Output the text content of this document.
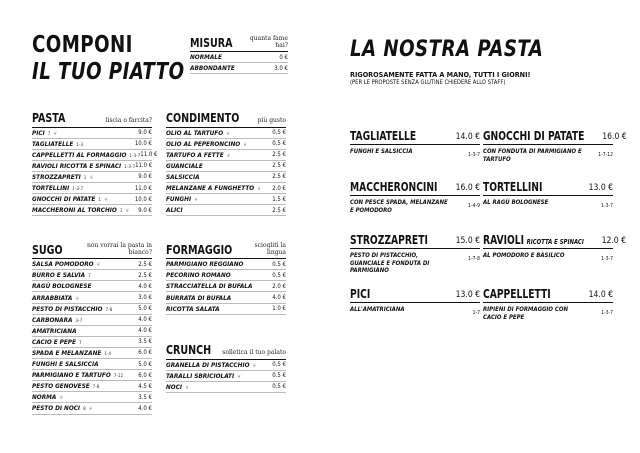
COMPONI
IL TUO PIATTO
MISURA	quanta fame hai?
NORMALE	0 €
ABBONDANTE	3.0 €
PASTA	liscia o farcita?
PICI 7 ❦	9.0 €
TAGLIATELLE 1-3	10.0 €
CAPPELLETTI AL FORMAGGIO 1-3-7 11.0 €
RAVIOLI RICOTTA E SPINACI 1-3-7 11.0 €
STROZZAPRETI 1 ❦	9.0 €
TORTELLINI 1-3-7	11.0 €
GNOCCHI DI PATATE 1 ❦	10.0 €
MACCHERONI AL TORCHIO 1 ❦ 9.0 €
CONDIMENTO	più gusto
OLIO AL TARTUFO ❦	0.5 €
OLIO AL PEPERONCINO ❦	0.5 €
TARTUFO A FETTE ❦	2.5 €
GUANCIALE	2.5 €
SALSICCIA	2.5 €
MELANZANE A FUNGHETTO ❦ 2.0 €
FUNGHI ❦	1.5 €
ALICI	2.5 €
SUGO	non vorrai la pasta in bianco?
SALSA POMODORO ❦	2.5 €
BURRO E SALVIA 7	2.5 €
RAGÙ BOLOGNESE	4.0 €
ARRABBIATA ❦	3.0 €
PESTO DI PISTACCHIO 7-8	5.0 €
CARBONARA 3-7	4.0 €
AMATRICIANA	4.0 €
CACIO E PEPE 7	3.5 €
SPADA E MELANZANE 1-4	6.0 €
FUNGHI E SALSICCIA	5.0 €
PARMIGIANO E TARTUFO 7-12	6.0 €
PESTO GENOVESE 7-8	4.5 €
NORMA ❦	3.5 €
PESTO DI NOCI 8 ❦	4.0 €
FORMAGGIO	scioglitì la lingua
PARMIGIANO REGGIANO	0.5 €
PECORINO ROMANO	0.5 €
STRACCIATELLA DI BUFALA	2.0 €
BURRATA DI BUFALA	4.0 €
RICOTTA SALATA	1.0 €
CRUNCH solletica il tuo palato
GRANELLA DI PISTACCHIO ❦	0.5 €
TARALLI SBRICIOLATI ❦	0.5 €
NOCI ❦	0.5 €
LA NOSTRA PASTA
RIGOROSAMENTE FATTA A MANO, TUTTI I GIORNI!
(PER LE PROPOSTE SENZA GLUTINE CHIEDERE ALLO STAFF)
TAGLIATELLE	14.0 €
FUNGHI E SALSICCIA	1-3-7
MACCHERONCINI 16.0 €
CON PESCE SPADA, MELANZANE E POMODORO
1-4-9
STROZZAPRETI	15.0 €
PESTO DI PISTACCHIO, GUANCIALE E FONDUTA DI PARMIGIANO
1-7-8
PICI	13.0 €
ALL'AMATRICIANA	1-7
GNOCCHI DI PATATE 16.0 €
CON FONDUTA DI PARMIGIANO E TARTUFO
1-7-12
TORTELLINI	13.0 €
AL RAGÙ BOLOGNESE	1-3-7
RAVIOLI RICOTTA E SPINACI 12.0 €
AL POMODORO E BASILICO	1-3-7
CAPPELLETTI	14.0 €
RIPIENI DI FORMAGGIO CON CACIO E PEPE
1-3-7
